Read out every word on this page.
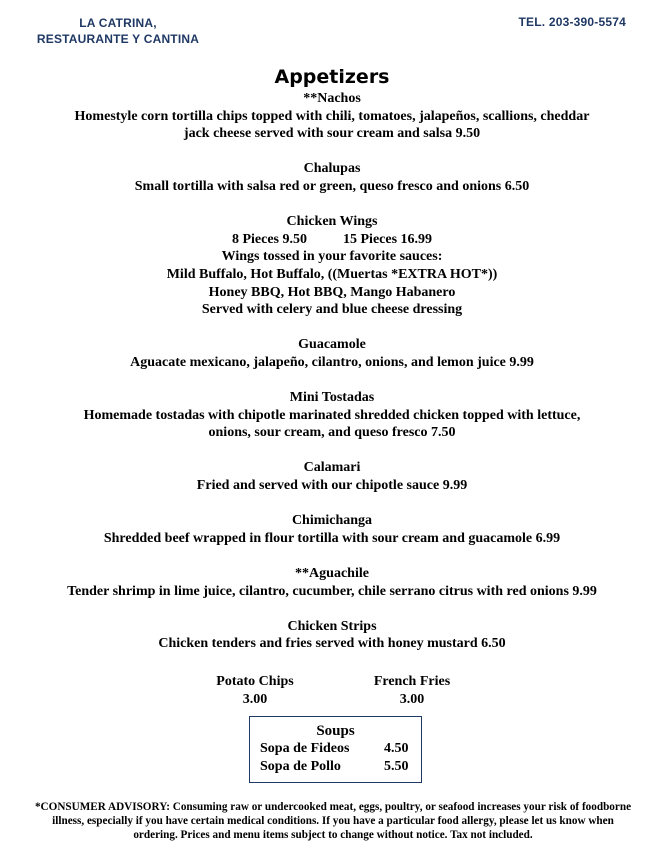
LA CATRINA,
RESTAURANTE Y CANTINA
TEL. 203-390-5574
Appetizers

**Nachos

Homestyle corn tortilla chips topped with chili, tomatoes, jalapeños, scallions, cheddar

jack cheese served with sour cream and salsa 9.50

Chalupas

Small tortilla with salsa red or green, queso fresco and onions 6.50

Chicken Wings

8 Pieces 9.50	15 Pieces 16.99

Wings tossed in your favorite sauces:

Mild Buffalo, Hot Buffalo, ((Muertas *EXTRA HOT*))

Honey BBQ, Hot BBQ, Mango Habanero

Served with celery and blue cheese dressing

Guacamole

Aguacate mexicano, jalapeño, cilantro, onions, and lemon juice 9.99

Mini Tostadas

Homemade tostadas with chipotle marinated shredded chicken topped with lettuce,

onions, sour cream, and queso fresco 7.50

Calamari

Fried and served with our chipotle sauce 9.99

Chimichanga

Shredded beef wrapped in flour tortilla with sour cream and guacamole 6.99

**Aguachile

Tender shrimp in lime juice, cilantro, cucumber, chile serrano citrus with red onions 9.99

Chicken Strips

Chicken tenders and fries served with honey mustard 6.50

Potato Chips
3.00
French Fries
3.00
Soups
Sopa de Fideos 4.50
Sopa de Pollo	5.50
*CONSUMER ADVISORY: Consuming raw or undercooked meat, eggs, poultry, or seafood increases your risk of foodborne illness, especially if you have certain medical conditions. If you have a particular food allergy, please let us know when ordering. Prices and menu items subject to change without notice. Tax not included.
